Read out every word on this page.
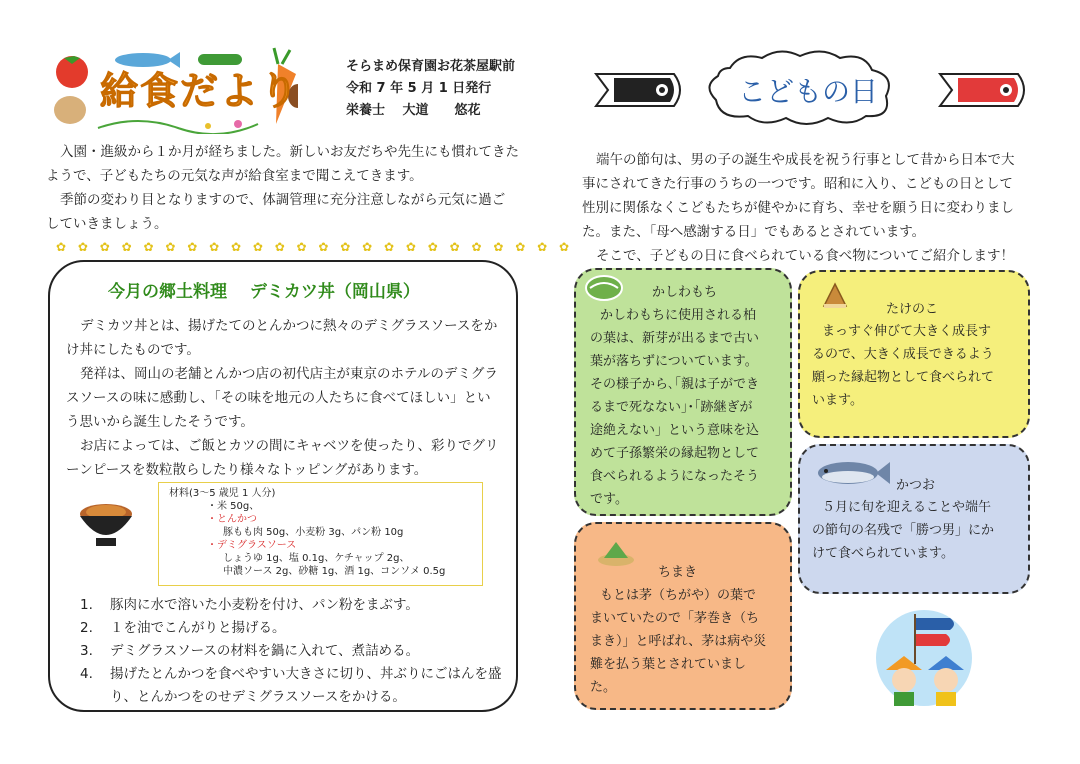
給食だより
そらまめ保育園お花茶屋駅前
令和 7 年 5 月 1 日発行
栄養士　 大道　　悠花
入園・進級から１か月が経ちました。新しいお友だちや先生にも慣れてきた
ようで、子どもたちの元気な声が給食室まで聞こえてきます。
季節の変わり目となりますので、体調管理に充分注意しながら元気に過ご
していきましょう。
✿ ✿ ✿ ✿ ✿ ✿ ✿ ✿ ✿ ✿ ✿ ✿ ✿ ✿ ✿ ✿ ✿ ✿ ✿ ✿ ✿ ✿ ✿ ✿
今月の郷土料理　 デミカツ丼（岡山県）
デミカツ丼とは、揚げたてのとんかつに熱々のデミグラスソースをか
け丼にしたものです。
発祥は、岡山の老舗とんかつ店の初代店主が東京のホテルのデミグラ
スソースの味に感動し、「その味を地元の人たちに食べてほしい」とい
う思いから誕生したそうです。
お店によっては、ご飯とカツの間にキャベツを使ったり、彩りでグリ
ーンピースを数粒散らしたり様々なトッピングがあります。
材料(3～5 歳児 1 人分)
・米 50g、
・とんかつ
豚もも肉 50g、小麦粉 3g、パン粉 10g
・デミグラスソース
しょうゆ 1g、塩 0.1g、ケチャップ 2g、
中濃ソース 2g、砂糖 1g、酒 1g、コンソメ 0.5g
1.	豚肉に水で溶いた小麦粉を付け、パン粉をまぶす。
2.	１を油でこんがりと揚げる。
3.	デミグラスソースの材料を鍋に入れて、煮詰める。
4.	揚げたとんかつを食べやすい大きさに切り、丼ぶりにごはんを盛
り、とんかつをのせデミグラスソースをかける。
こどもの日
端午の節句は、男の子の誕生や成長を祝う行事として昔から日本で大
事にされてきた行事のうちの一つです。昭和に入り、こどもの日として
性別に関係なくこどもたちが健やかに育ち、幸せを願う日に変わりまし
た。また、「母へ感謝する日」でもあるとされています。
そこで、子どもの日に食べられている食べ物についてご紹介します！
かしわもち
かしわもちに使用される柏
の葉は、新芽が出るまで古い
葉が落ちずについています。
その様子から､｢親は子ができ
るまで死なない｣･｢跡継ぎが
途絶えない」という意味を込
めて子孫繁栄の縁起物として
食べられるようになったそう
です。
ちまき
もとは茅（ちがや）の葉で
まいていたので「茅巻き（ち
まき）」と呼ばれ、茅は病や災
難を払う葉とされていまし
た。
たけのこ
まっすぐ伸びて大きく成長す
るので、大きく成長できるよう
願った縁起物として食べられて
います。
かつお
５月に旬を迎えることや端午
の節句の名残で「勝つ男」にか
けて食べられています。
